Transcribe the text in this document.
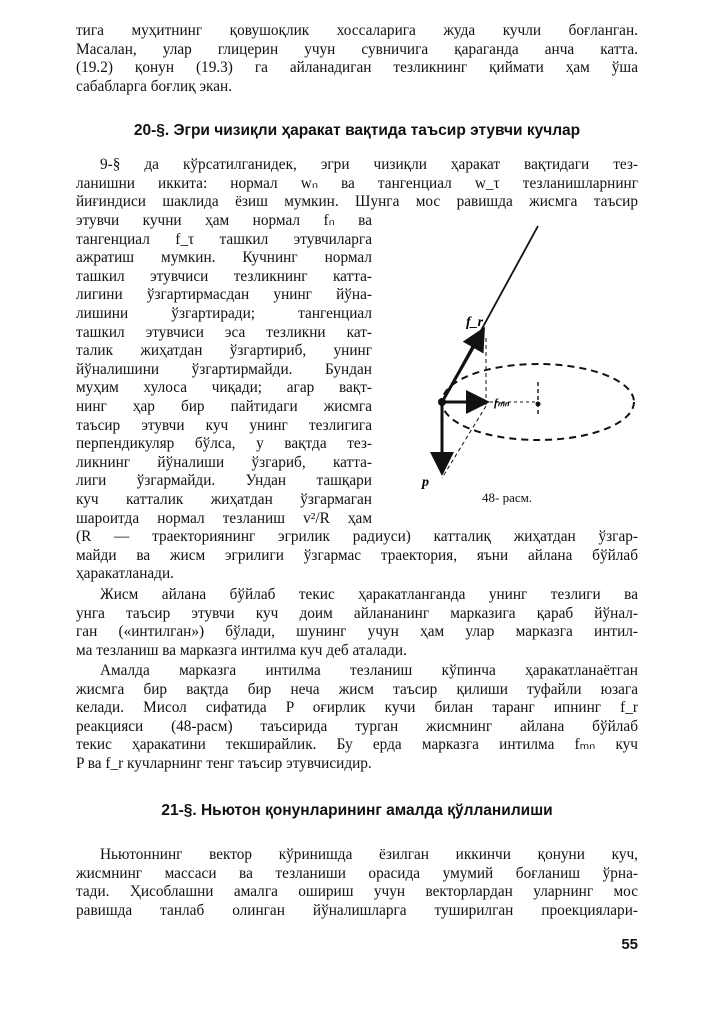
тига муҳитнинг қовушоқлик хоссаларига жуда кучли боғланган.
Масалан, улар глицерин учун сувничига қараганда анча катта.
(19.2) қонун (19.3) га айланадиган тезликнинг қиймати ҳам ўша
сабабларга боғлиқ экан.
20-§. Эгри чизиқли ҳаракат вақтида таъсир этувчи кучлар
9-§ да кўрсатилганидек, эгри чизиқли ҳаракат вақтидаги тез-
ланишни иккита: нормал wₙ ва тангенциал w_τ тезланишларнинг
йиғиндиси шаклида ёзиш мумкин. Шунга мос равишда жисмга таъсир
этувчи кучни ҳам нормал fₙ ва
тангенциал f_τ ташкил этувчиларга
ажратиш мумкин. Кучнинг нормал
ташкил этувчиси тезликнинг катта-
лигини ўзгартирмасдан унинг йўна-
лишини ўзгартиради; тангенциал
ташкил этувчиси эса тезликни кат-
талик жиҳатдан ўзгартириб, унинг
йўналишини ўзгартирмайди. Бундан
муҳим хулоса чиқади; агар вақт-
нинг ҳар бир пайтидаги жисмга
таъсир этувчи куч унинг тезлигига
перпендикуляр бўлса, у вақтда тез-
ликнинг йўналиши ўзгариб, катта-
лиги ўзгармайди. Ундан ташқари
куч катталик жиҳатдан ўзгармаган
шароитда нормал тезланиш v²/R ҳам
f_r
fₘₙ
p
48- расм.
(R — траекториянинг эгрилик радиуси) катталиқ жиҳатдан ўзгар-
майди ва жисм эгрилиги ўзгармас траектория, яъни айлана бўйлаб
ҳаракатланади.
Жисм айлана бўйлаб текис ҳаракатланганда унинг тезлиги ва
унга таъсир этувчи куч доим айлананинг марказига қараб йўнал-
ган («интилган») бўлади, шунинг учун ҳам улар марказга интил-
ма тезланиш ва марказга интилма куч деб аталади.
Амалда марказга интилма тезланиш кўпинча ҳаракатланаётган
жисмга бир вақтда бир неча жисм таъсир қилиши туфайли юзага
келади. Мисол сифатида P оғирлик кучи билан таранг ипнинг f_r
реакцияси (48-расм) таъсирида турган жисмнинг айлана бўйлаб
текис ҳаракатини текширайлик. Бу ерда марказга интилма fₘₙ куч
P ва f_r кучларнинг тенг таъсир этувчисидир.
21-§. Ньютон қонунларининг амалда қўлланилиши
Ньютоннинг вектор кўринишда ёзилган иккинчи қонуни куч,
жисмнинг массаси ва тезланиши орасида умумий боғланиш ўрна-
тади. Ҳисоблашни амалга ошириш учун векторлардан уларнинг мос
равишда танлаб олинган йўналишларга туширилган проекциялари-
55
